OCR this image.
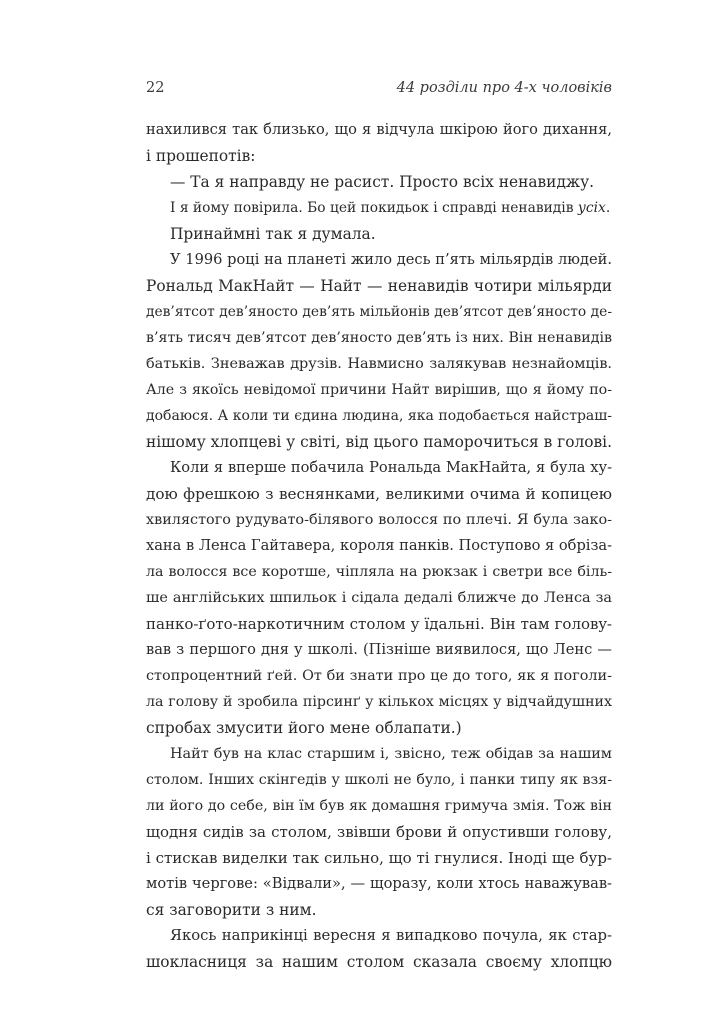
22	44 розділи про 4-х чоловіків
нахилився так близько, що я відчула шкірою його дихання,
і прошепотів:
— Та я направду не расист. Просто всіх ненавиджу.
І я йому повірила. Бо цей покидьок і справді ненавидів усіх.
Принаймні так я думала.
У 1996 році на планеті жило десь п’ять мільярдів людей.
Рональд МакНайт — Найт — ненавидів чотири мільярди
дев’ятсот дев’яносто дев’ять мільйонів дев’ятсот дев’яносто де-
в’ять тисяч дев’ятсот дев’яносто дев’ять із них. Він ненавидів
батьків. Зневажав друзів. Навмисно залякував незнайомців.
Але з якоїсь невідомої причини Найт вирішив, що я йому по-
добаюся. А коли ти єдина людина, яка подобається найстраш-
нішому хлопцеві у світі, від цього паморочиться в голові.
Коли я вперше побачила Рональда МакНайта, я була ху-
дою фрешкою з веснянками, великими очима й копицею
хвилястого рудувато-білявого волосся по плечі. Я була зако-
хана в Ленса Гайтавера, короля панків. Поступово я обрізa-
ла волосся все коротше, чіпляла на рюкзак і светри все біль-
ше англійських шпильок і сідала дедалі ближче до Ленса за
панко-ґото-наркотичним столом у їдальні. Він там головy-
вав з першого дня у школі. (Пізніше виявилося, що Ленс —
стопроцентний ґей. От би знати про це до того, як я поголи-
ла голову й зробила пірсинґ у кількох місцях у відчайдушних
спробах змусити його мене облапати.)
Найт був на клас старшим і, звісно, теж обідав за нашим
столом. Інших скінгедів у школі не було, і панки типу як взя-
ли його до себе, він їм був як домашня гримуча змія. Тож він
щодня сидів за столом, звівши брови й опустивши голову,
і стискав виделки так сильно, що ті гнулися. Іноді ще бур-
мотів чергове: «Відвали», — щоразу, коли хтось наважував-
ся заговорити з ним.
Якось наприкінці вересня я випадково почула, як стар-
шокласниця за нашим столом сказала своєму хлопцю
